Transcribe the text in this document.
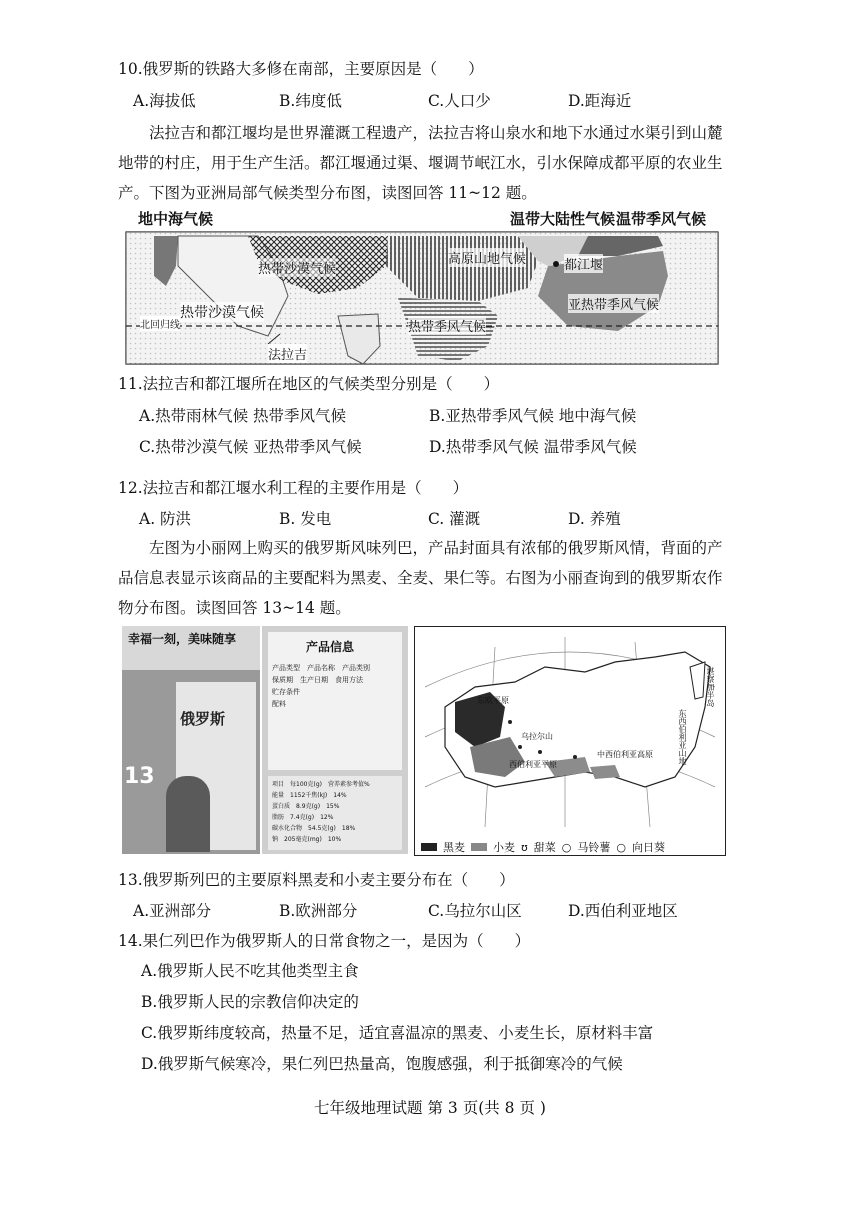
10.俄罗斯的铁路大多修在南部，主要原因是（　　）
A.海拔低	B.纬度低	C.人口少	D.距海近
法拉吉和都江堰均是世界灌溉工程遗产，法拉吉将山泉水和地下水通过水渠引到山麓地带的村庄，用于生产生活。都江堰通过渠、堰调节岷江水，引水保障成都平原的农业生产。下图为亚洲局部气候类型分布图，读图回答 11~12 题。
地中海气候	温带大陆性气候 温带季风气候
热带沙漠气候
高原山地气候	都江堰
亚热带季风气候
热带沙漠气候
北回归线	热带季风气候
法拉吉
11.法拉吉和都江堰所在地区的气候类型分别是（　　）
A.热带雨林气候 热带季风气候	B.亚热带季风气候 地中海气候
C.热带沙漠气候 亚热带季风气候	D.热带季风气候 温带季风气候
12.法拉吉和都江堰水利工程的主要作用是（　　）
A. 防洪	B. 发电	C. 灌溉	D. 养殖
左图为小丽网上购买的俄罗斯风味列巴，产品封面具有浓郁的俄罗斯风情，背面的产品信息表显示该商品的主要配料为黑麦、全麦、果仁等。右图为小丽查询到的俄罗斯农作物分布图。读图回答 13~14 题。
幸福一刻，美味随享
俄罗斯
13
产品信息
产品类型　 产品名称　 产品类别
保质期　 生产日期　 食用方法
贮存条件
配料
项目　 每100克(g)　 营养素参考值%
能量　 1152千焦(kJ)　 14%
蛋白质　 8.9克(g)　 15%
脂肪　 7.4克(g)　 12%
碳水化合物　 54.5克(g)　 18%
钠　 205毫克(mg)　 10%
东欧平原
乌拉尔山
西伯利亚平原
中西伯利亚高原	东西伯利亚山地
堪察加半岛
黑麦	小麦 ʊ 甜菜 ○ 马铃薯 ○ 向日葵
13.俄罗斯列巴的主要原料黑麦和小麦主要分布在（　　）
A.亚洲部分	B.欧洲部分	C.乌拉尔山区	D.西伯利亚地区
14.果仁列巴作为俄罗斯人的日常食物之一，是因为（　　）
A.俄罗斯人民不吃其他类型主食
B.俄罗斯人民的宗教信仰决定的
C.俄罗斯纬度较高，热量不足，适宜喜温凉的黑麦、小麦生长，原材料丰富
D.俄罗斯气候寒冷，果仁列巴热量高，饱腹感强，利于抵御寒冷的气候
七年级地理试题 第 3 页(共 8 页 )
